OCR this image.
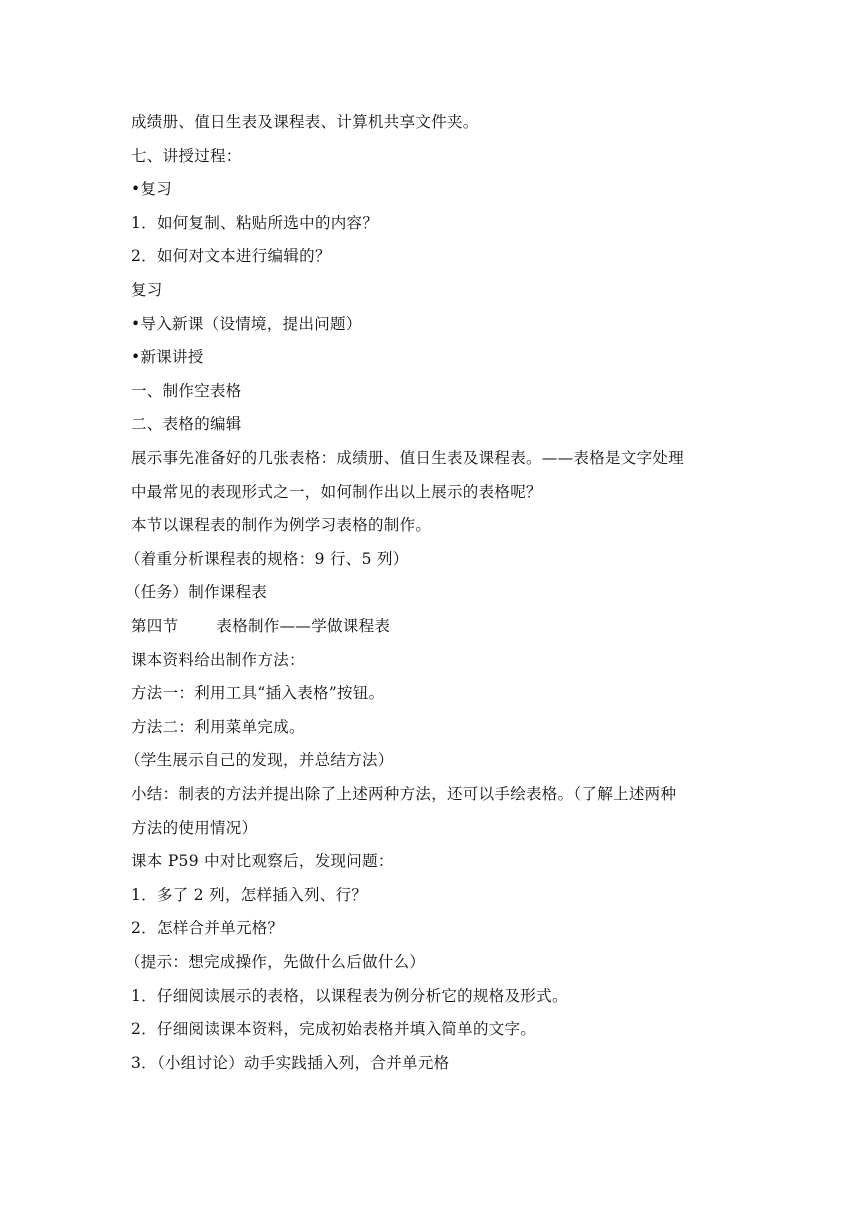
成绩册、值日生表及课程表、计算机共享文件夹。
七、讲授过程：
•复习
1．如何复制、粘贴所选中的内容？
2．如何对文本进行编辑的？
复习
•导入新课（设情境，提出问题）
•新课讲授
一、制作空表格
二、表格的编辑
展示事先准备好的几张表格：成绩册、值日生表及课程表。——表格是文字处理
中最常见的表现形式之一，如何制作出以上展示的表格呢？
本节以课程表的制作为例学习表格的制作。
（着重分析课程表的规格：9 行、5 列）
（任务）制作课程表
第四节 表格制作——学做课程表
课本资料给出制作方法：
方法一：利用工具“插入表格”按钮。
方法二：利用菜单完成。
（学生展示自己的发现，并总结方法）
小结：制表的方法并提出除了上述两种方法，还可以手绘表格。（了解上述两种
方法的使用情况）
课本 P59 中对比观察后，发现问题：
1．多了 2 列，怎样插入列、行？
2．怎样合并单元格？
（提示：想完成操作，先做什么后做什么）
1．仔细阅读展示的表格，以课程表为例分析它的规格及形式。
2．仔细阅读课本资料，完成初始表格并填入简单的文字。
3．（小组讨论）动手实践插入列，合并单元格
